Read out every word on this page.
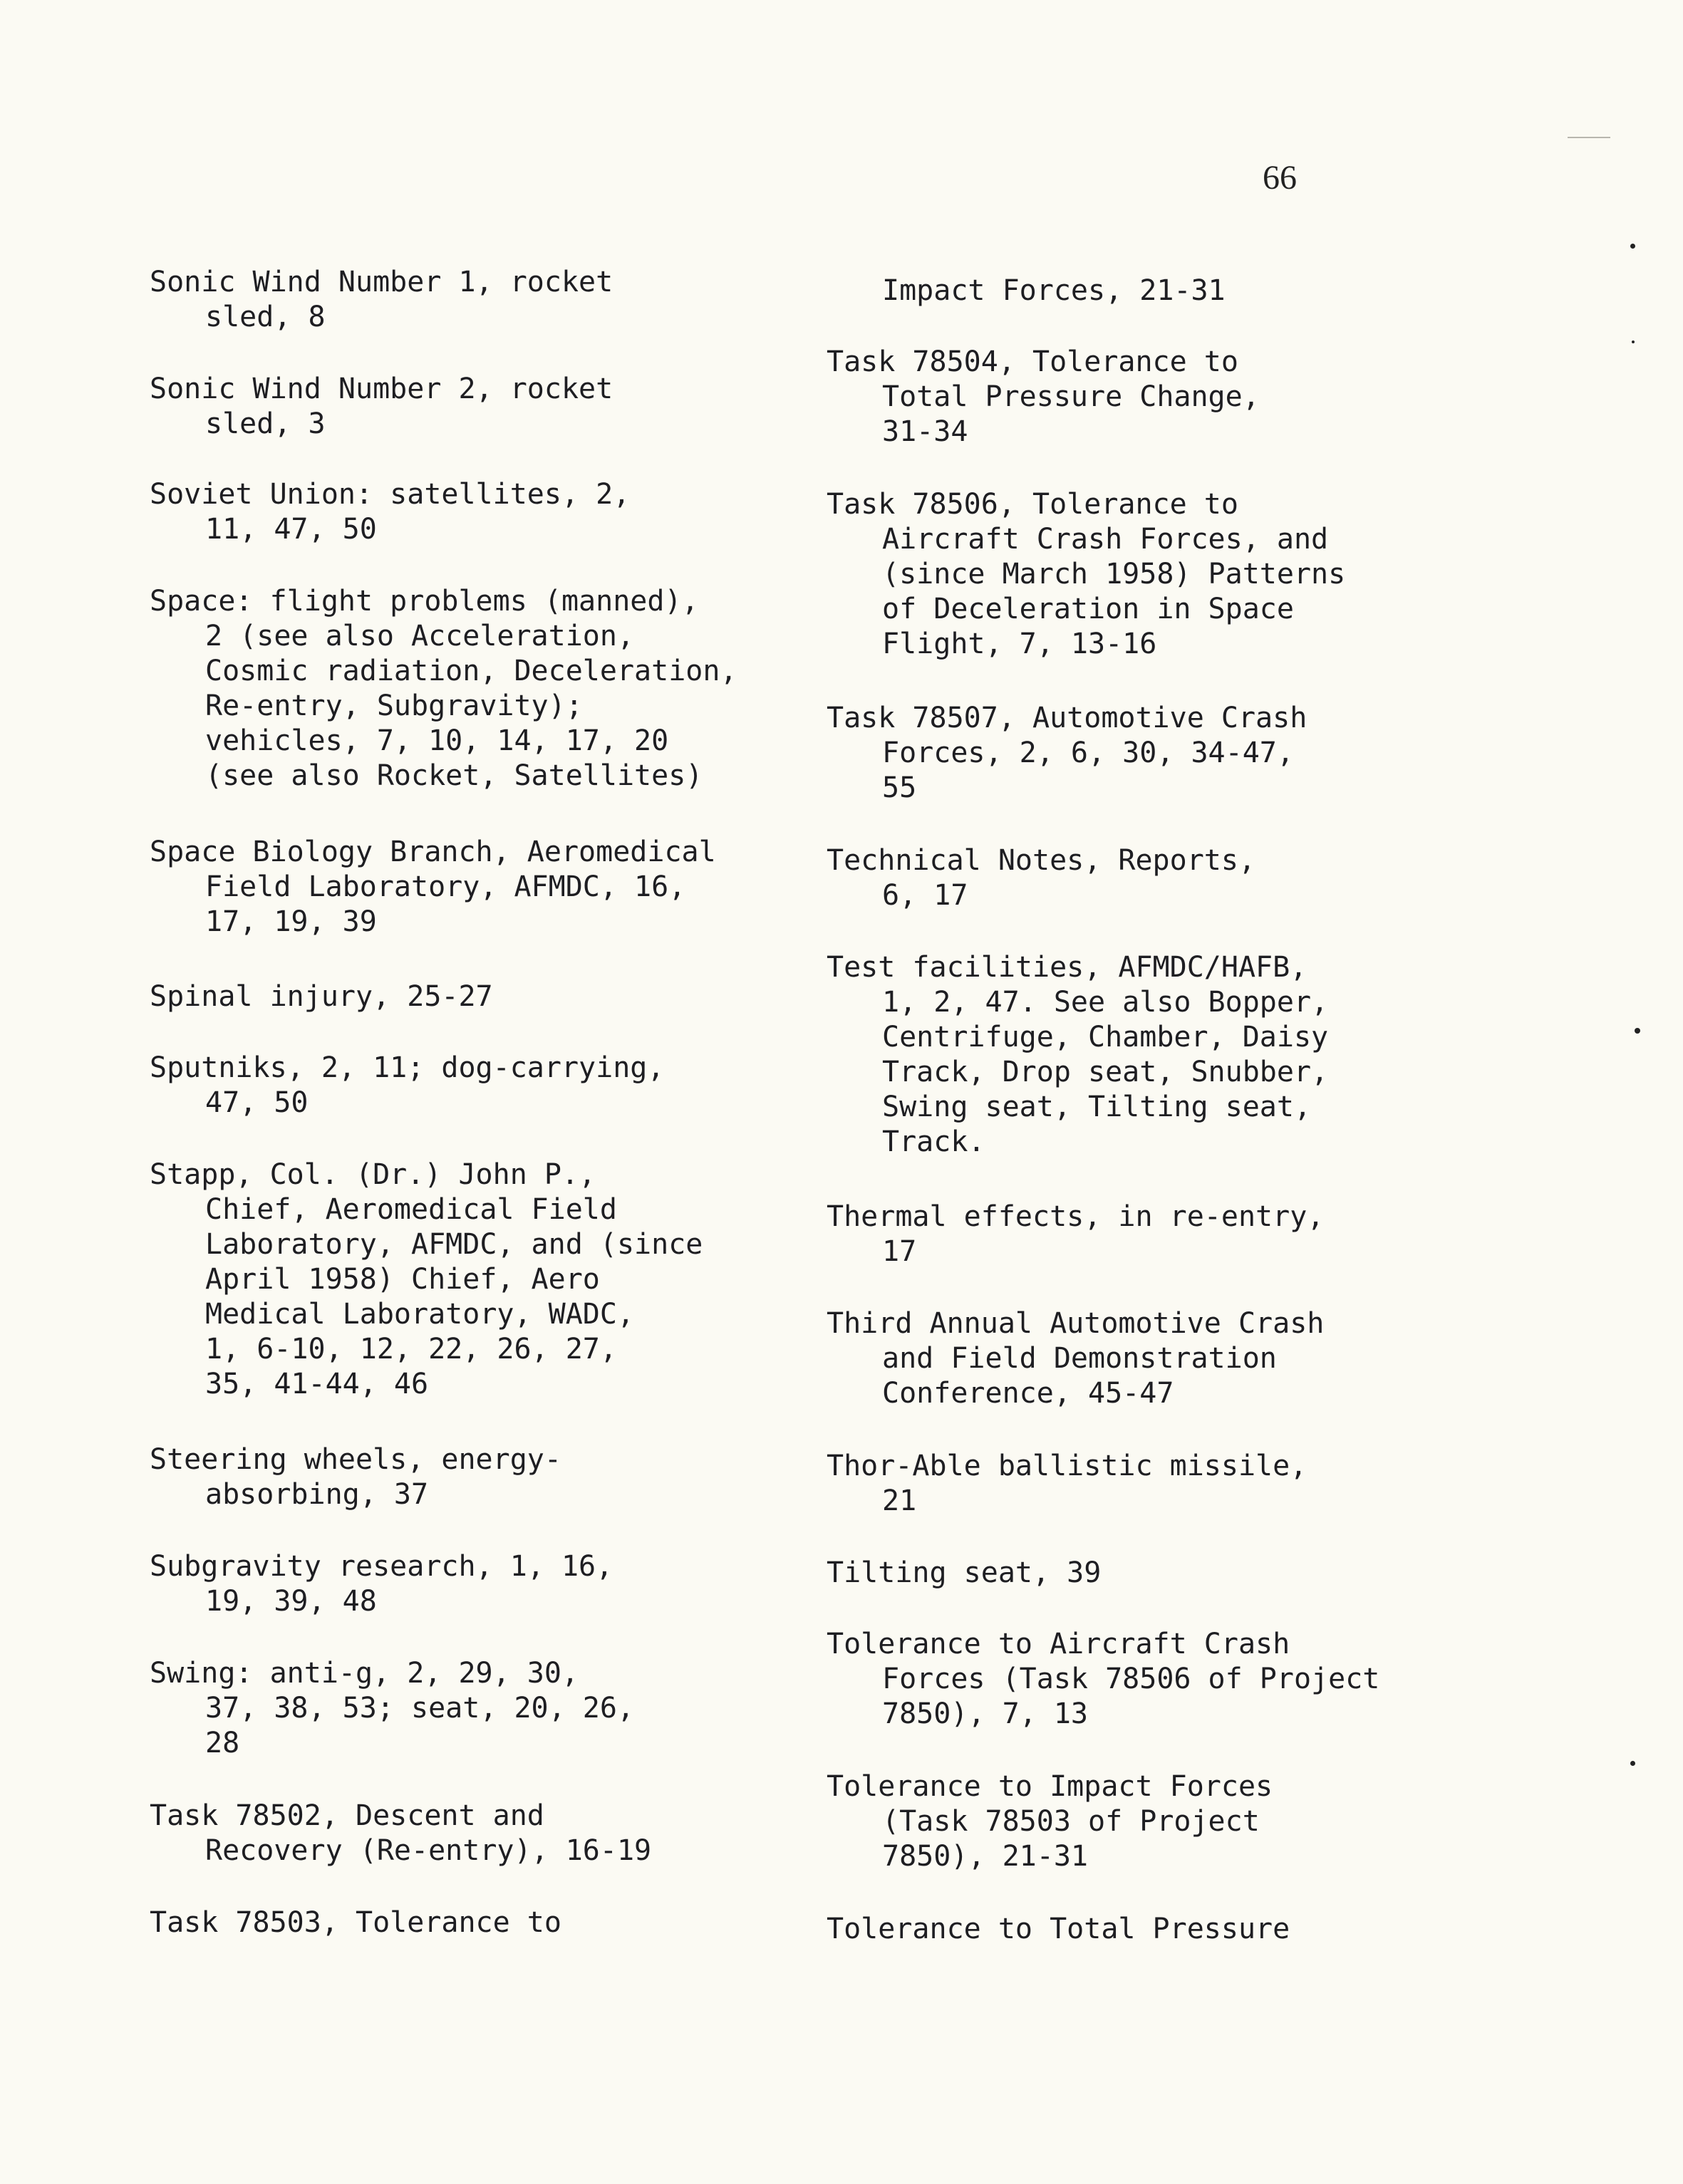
66
Sonic Wind Number 1, rocket
sled, 8
Sonic Wind Number 2, rocket
sled, 3
Soviet Union: satellites, 2,
11, 47, 50
Space: flight problems (manned),
2 (see also Acceleration,
Cosmic radiation, Deceleration,
Re-entry, Subgravity);
vehicles, 7, 10, 14, 17, 20
(see also Rocket, Satellites)
Space Biology Branch, Aeromedical
Field Laboratory, AFMDC, 16,
17, 19, 39
Spinal injury, 25-27
Sputniks, 2, 11; dog-carrying,
47, 50
Stapp, Col. (Dr.) John P.,
Chief, Aeromedical Field
Laboratory, AFMDC, and (since
April 1958) Chief, Aero
Medical Laboratory, WADC,
1, 6-10, 12, 22, 26, 27,
35, 41-44, 46
Steering wheels, energy-
absorbing, 37
Subgravity research, 1, 16,
19, 39, 48
Swing: anti-g, 2, 29, 30,
37, 38, 53; seat, 20, 26,
28
Task 78502, Descent and
Recovery (Re-entry), 16-19
Task 78503, Tolerance to
Impact Forces, 21-31
Task 78504, Tolerance to
Total Pressure Change,
31-34
Task 78506, Tolerance to
Aircraft Crash Forces, and
(since March 1958) Patterns
of Deceleration in Space
Flight, 7, 13-16
Task 78507, Automotive Crash
Forces, 2, 6, 30, 34-47,
55
Technical Notes, Reports,
6, 17
Test facilities, AFMDC/HAFB,
1, 2, 47. See also Bopper,
Centrifuge, Chamber, Daisy
Track, Drop seat, Snubber,
Swing seat, Tilting seat,
Track.
Thermal effects, in re-entry,
17
Third Annual Automotive Crash
and Field Demonstration
Conference, 45-47
Thor-Able ballistic missile,
21
Tilting seat, 39
Tolerance to Aircraft Crash
Forces (Task 78506 of Project
7850), 7, 13
Tolerance to Impact Forces
(Task 78503 of Project
7850), 21-31
Tolerance to Total Pressure
